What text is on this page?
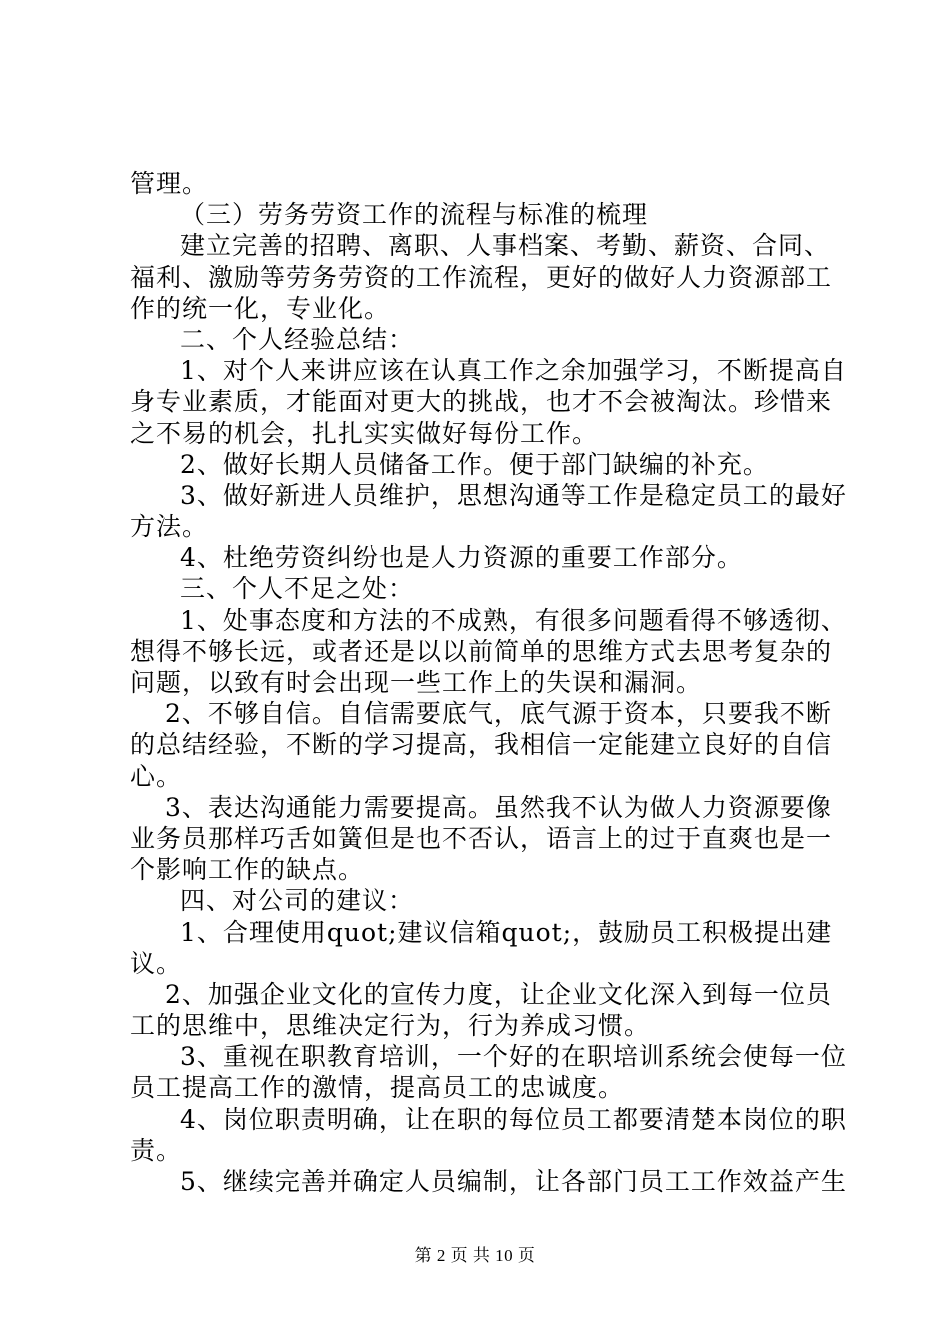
管理。
（三）劳务劳资工作的流程与标准的梳理
建立完善的招聘、离职、人事档案、考勤、薪资、合同、
福利、激励等劳务劳资的工作流程，更好的做好人力资源部工
作的统一化，专业化。
二、个人经验总结：
1、对个人来讲应该在认真工作之余加强学习，不断提高自
身专业素质，才能面对更大的挑战，也才不会被淘汰。珍惜来
之不易的机会，扎扎实实做好每份工作。
2、做好长期人员储备工作。便于部门缺编的补充。
3、做好新进人员维护，思想沟通等工作是稳定员工的最好
方法。
4、杜绝劳资纠纷也是人力资源的重要工作部分。
三、个人不足之处：
1、处事态度和方法的不成熟，有很多问题看得不够透彻、
想得不够长远，或者还是以以前简单的思维方式去思考复杂的
问题，以致有时会出现一些工作上的失误和漏洞。
2、不够自信。自信需要底气，底气源于资本，只要我不断
的总结经验，不断的学习提高，我相信一定能建立良好的自信
心。
3、表达沟通能力需要提高。虽然我不认为做人力资源要像
业务员那样巧舌如簧但是也不否认，语言上的过于直爽也是一
个影响工作的缺点。
四、对公司的建议：
1、合理使用quot;建议信箱quot;，鼓励员工积极提出建
议。
2、加强企业文化的宣传力度，让企业文化深入到每一位员
工的思维中，思维决定行为，行为养成习惯。
3、重视在职教育培训，一个好的在职培训系统会使每一位
员工提高工作的激情，提高员工的忠诚度。
4、岗位职责明确，让在职的每位员工都要清楚本岗位的职
责。
5、继续完善并确定人员编制，让各部门员工工作效益产生
第 2 页 共 10 页
